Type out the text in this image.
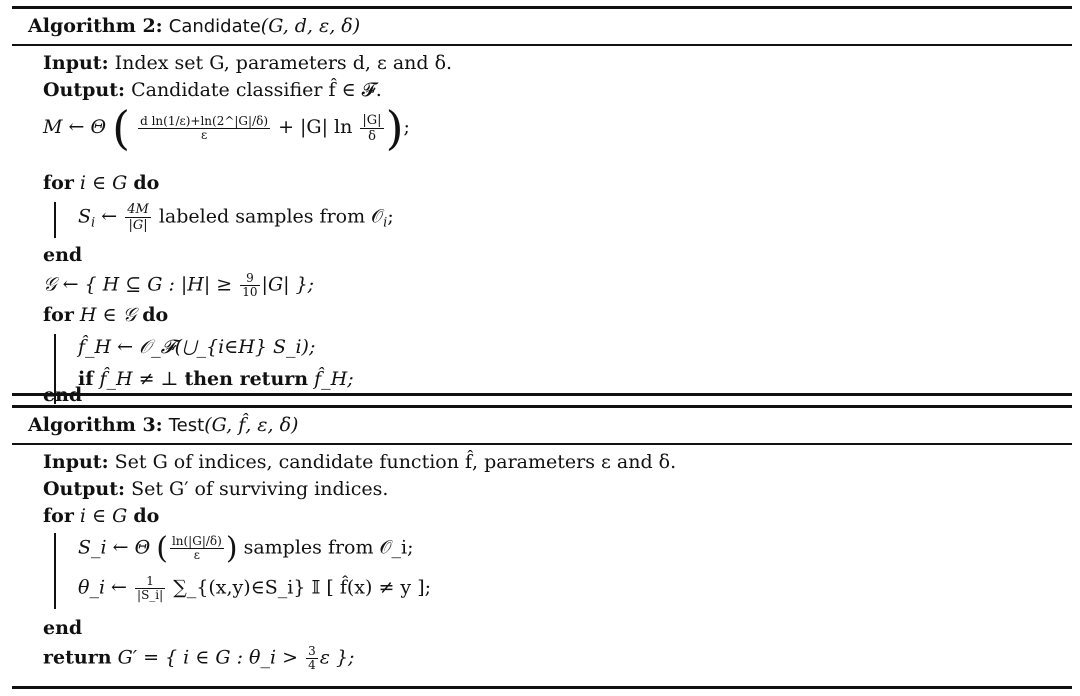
Algorithm 2: Candidate(G, d, ε, δ)
Input: Index set G, parameters d, ε and δ.
Output: Candidate classifier f̂ ∈ 𝓕.
M ← Θ ( $\frac{\text{d ln(1/ε)+ln(2\textasciicircum{}|G|/δ)}}{\varepsilon} + |G|$ $\ln \frac{|G|}{\delta}$ );
for i ∈ G do
$S_i$ ← $\frac{4M}{|G|}$ labeled samples from 𝒪$_i$;
end
𝒢 ← { H ⊆ G : $|H| \ge \frac{9}{10} |G|$ };
for H ∈ 𝒢 do
f̂_H ← 𝒪_𝓕(⋃_{i∈H} S_i);
if f̂_H ≠ ⊥ then return f̂_H;
Algorithm 3: Test(G, f̂, ε, δ)
Input: Set G of indices, candidate function f̂, parameters ε and δ.
Output: Set G′ of surviving indices.
for i ∈ G do
S_i ← Θ ( $\frac{\ln(|G|/\delta)}{\varepsilon}$ ) samples from 𝒪_i;
θ_i ← $\frac{1}{|S\_i|}$ ∑_{(x,y)∈S_i} 𝕀 [ f̂(x) ≠ y ];
end
return G′ = { i ∈ G : θ_i > $\frac{3}{4}$ ε };
